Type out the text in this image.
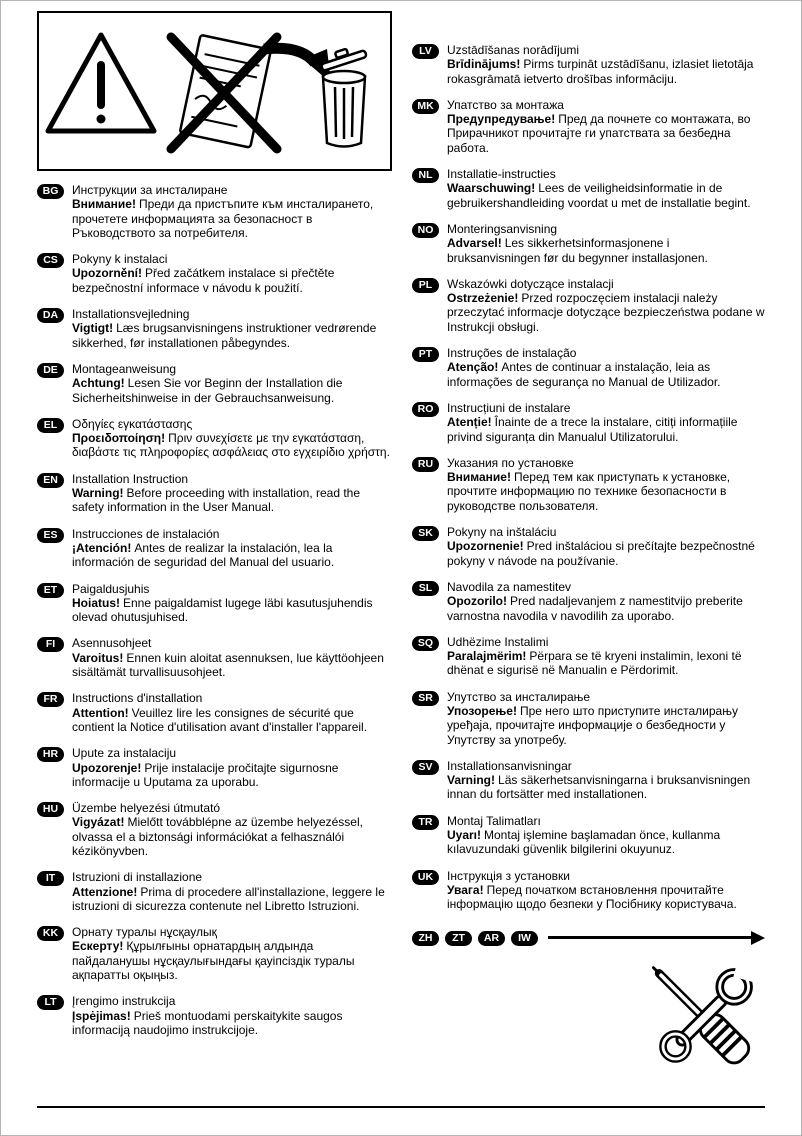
BG	Инструкции за инсталиране
Внимание! Преди да пристъпите към инсталирането, прочетете информацията за безопасност в Ръководството за потребителя.
CS	Pokyny k instalaci
Upozornění! Před začátkem instalace si přečtěte bezpečnostní informace v návodu k použití.
DA	Installationsvejledning
Vigtigt! Læs brugsanvisningens instruktioner vedrørende sikkerhed, før installationen påbegyndes.
DE	Montageanweisung
Achtung! Lesen Sie vor Beginn der Installation die Sicherheitshinweise in der Gebrauchsanweisung.
EL	Οδηγίες εγκατάστασης
Προειδοποίηση! Πριν συνεχίσετε με την εγκατάσταση, διαβάστε τις πληροφορίες ασφάλειας στο εγχειρίδιο χρήστη.
EN	Installation Instruction
Warning! Before proceeding with installation, read the safety information in the User Manual.
ES	Instrucciones de instalación
¡Atención! Antes de realizar la instalación, lea la información de seguridad del Manual del usuario.
ET	Paigaldusjuhis
Hoiatus! Enne paigaldamist lugege läbi kasutusjuhendis olevad ohutusjuhised.
FI	Asennusohjeet
Varoitus! Ennen kuin aloitat asennuksen, lue käyttöohjeen sisältämät turvallisuusohjeet.
FR	Instructions d'installation
Attention! Veuillez lire les consignes de sécurité que contient la Notice d'utilisation avant d'installer l'appareil.
HR	Upute za instalaciju
Upozorenje! Prije instalacije pročitajte sigurnosne informacije u Uputama za uporabu.
HU	Üzembe helyezési útmutató
Vigyázat! Mielőtt továbblépne az üzembe helyezéssel, olvassa el a biztonsági információkat a felhasználói kézikönyvben.
IT	Istruzioni di installazione
Attenzione! Prima di procedere all'installazione, leggere le istruzioni di sicurezza contenute nel Libretto Istruzioni.
KK	Орнату туралы нұсқаулық
Ескерту! Құрылғыны орнатардың алдында пайдаланушы нұсқаулығындағы қауіпсіздік туралы ақпаратты оқыңыз.
LT	Įrengimo instrukcija
Įspėjimas! Prieš montuodami perskaitykite saugos informaciją naudojimo instrukcijoje.
LV	Uzstādīšanas norādījumi
Brīdinājums! Pirms turpināt uzstādīšanu, izlasiet lietotāja rokasgrāmatā ietverto drošības informāciju.
MK	Упатство за монтажа
Предупредување! Пред да почнете со монтажата, во Прирачникот прочитајте ги упатствата за безбедна работа.
NL	Installatie-instructies
Waarschuwing! Lees de veiligheidsinformatie in de gebruikershandleiding voordat u met de installatie begint.
NO	Monteringsanvisning
Advarsel! Les sikkerhetsinformasjonene i bruksanvisningen før du begynner installasjonen.
PL	Wskazówki dotyczące instalacji
Ostrzeżenie! Przed rozpoczęciem instalacji należy przeczytać informacje dotyczące bezpieczeństwa podane w Instrukcji obsługi.
PT	Instruções de instalação
Atenção! Antes de continuar a instalação, leia as informações de segurança no Manual de Utilizador.
RO	Instrucțiuni de instalare
Atenție! Înainte de a trece la instalare, citiți informațiile privind siguranța din Manualul Utilizatorului.
RU	Указания по установке
Внимание! Перед тем как приступать к установке, прочтите информацию по технике безопасности в руководстве пользователя.
SK	Pokyny na inštaláciu
Upozornenie! Pred inštaláciou si prečítajte bezpečnostné pokyny v návode na používanie.
SL	Navodila za namestitev
Opozorilo! Pred nadaljevanjem z namestitvijo preberite varnostna navodila v navodilih za uporabo.
SQ	Udhëzime Instalimi
Paralajmërim! Përpara se të kryeni instalimin, lexoni të dhënat e sigurisë në Manualin e Përdorimit.
SR	Упутство за инсталирање
Упозорење! Пре него што приступите инсталирању уређаја, прочитајте информације о безбедности у Упутству за употребу.
SV	Installationsanvisningar
Varning! Läs säkerhetsanvisningarna i bruksanvisningen innan du fortsätter med installationen.
TR	Montaj Talimatları
Uyarı! Montaj işlemine başlamadan önce, kullanma kılavuzundaki güvenlik bilgilerini okuyunuz.
UK	Інструкція з установки
Увага! Перед початком встановлення прочитайте інформацію щодо безпеки у Посібнику користувача.
ZH	ZT	AR	IW
